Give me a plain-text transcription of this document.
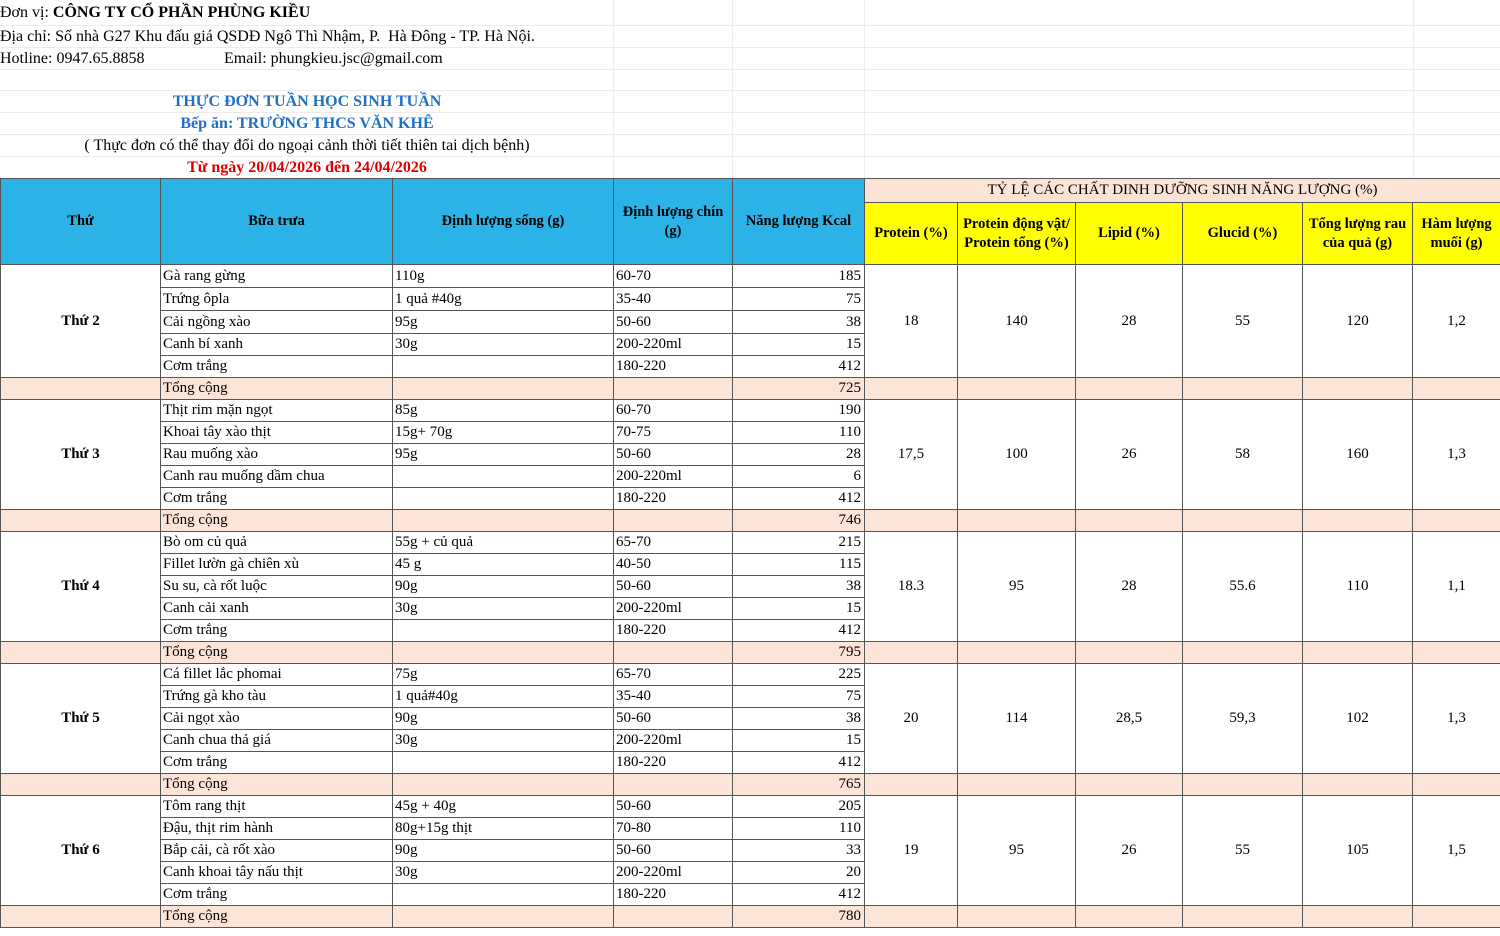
Đơn vị: CÔNG TY CỔ PHẦN PHÙNG KIỀU
Địa chỉ: Số nhà G27 Khu đấu giá QSDĐ Ngô Thì Nhậm, P.  Hà Đông - TP. Hà Nội.
Hotline: 0947.65.8858	Email: phungkieu.jsc@gmail.com
THỰC ĐƠN TUẦN HỌC SINH TUẦN
Bếp ăn: TRƯỜNG THCS VĂN KHÊ
( Thực đơn có thể thay đổi do ngoại cảnh thời tiết thiên tai dịch bệnh)
Từ ngày 20/04/2026 đến 24/04/2026
Thứ	Bữa trưa	Định lượng sống (g)	Định lượng chín (g)	Năng lượng Kcal	TỶ LỆ CÁC CHẤT DINH DƯỠNG SINH NĂNG LƯỢNG (%)					
					Protein (%)	Protein động vật/ Protein tổng (%)	Lipid (%)	Glucid (%)	Tổng lượng rau của quả (g)	Hàm lượng muối (g)
Thứ 2	Gà rang gừng	110g	60-70	185	18	140	28	55	120	1,2
	Trứng ôpla	1 quả #40g	35-40	75						
	Cải ngồng xào	95g	50-60	38						
	Canh bí xanh	30g	200-220ml	15						
	Cơm trắng		180-220	412						
	Tổng cộng			725						
Thứ 3	Thịt rim mặn ngọt	85g	60-70	190	17,5	100	26	58	160	1,3
	Khoai tây xào thịt	15g+ 70g	70-75	110						
	Rau muống xào	95g	50-60	28						
	Canh rau muống dầm chua		200-220ml	6						
	Cơm trắng		180-220	412						
	Tổng cộng			746						
Thứ 4	Bò om củ quả	55g + củ quả	65-70	215	18.3	95	28	55.6	110	1,1
	Fillet lườn gà chiên xù	45 g	40-50	115						
	Su su, cà rốt luộc	90g	50-60	38						
	Canh cải xanh	30g	200-220ml	15						
	Cơm trắng		180-220	412						
	Tổng cộng			795						
Thứ 5	Cá fillet lắc phomai	75g	65-70	225	20	114	28,5	59,3	102	1,3
	Trứng gà kho tàu	1 quả#40g	35-40	75						
	Cải ngọt xào	90g	50-60	38						
	Canh chua thả giá	30g	200-220ml	15						
	Cơm trắng		180-220	412						
	Tổng cộng			765						
Thứ 6	Tôm rang thịt	45g + 40g	50-60	205	19	95	26	55	105	1,5
	Đậu, thịt rim hành	80g+15g thịt	70-80	110						
	Bắp cải, cà rốt xào	90g	50-60	33						
	Canh khoai tây nấu thịt	30g	200-220ml	20						
	Cơm trắng		180-220	412						
	Tổng cộng			780						
